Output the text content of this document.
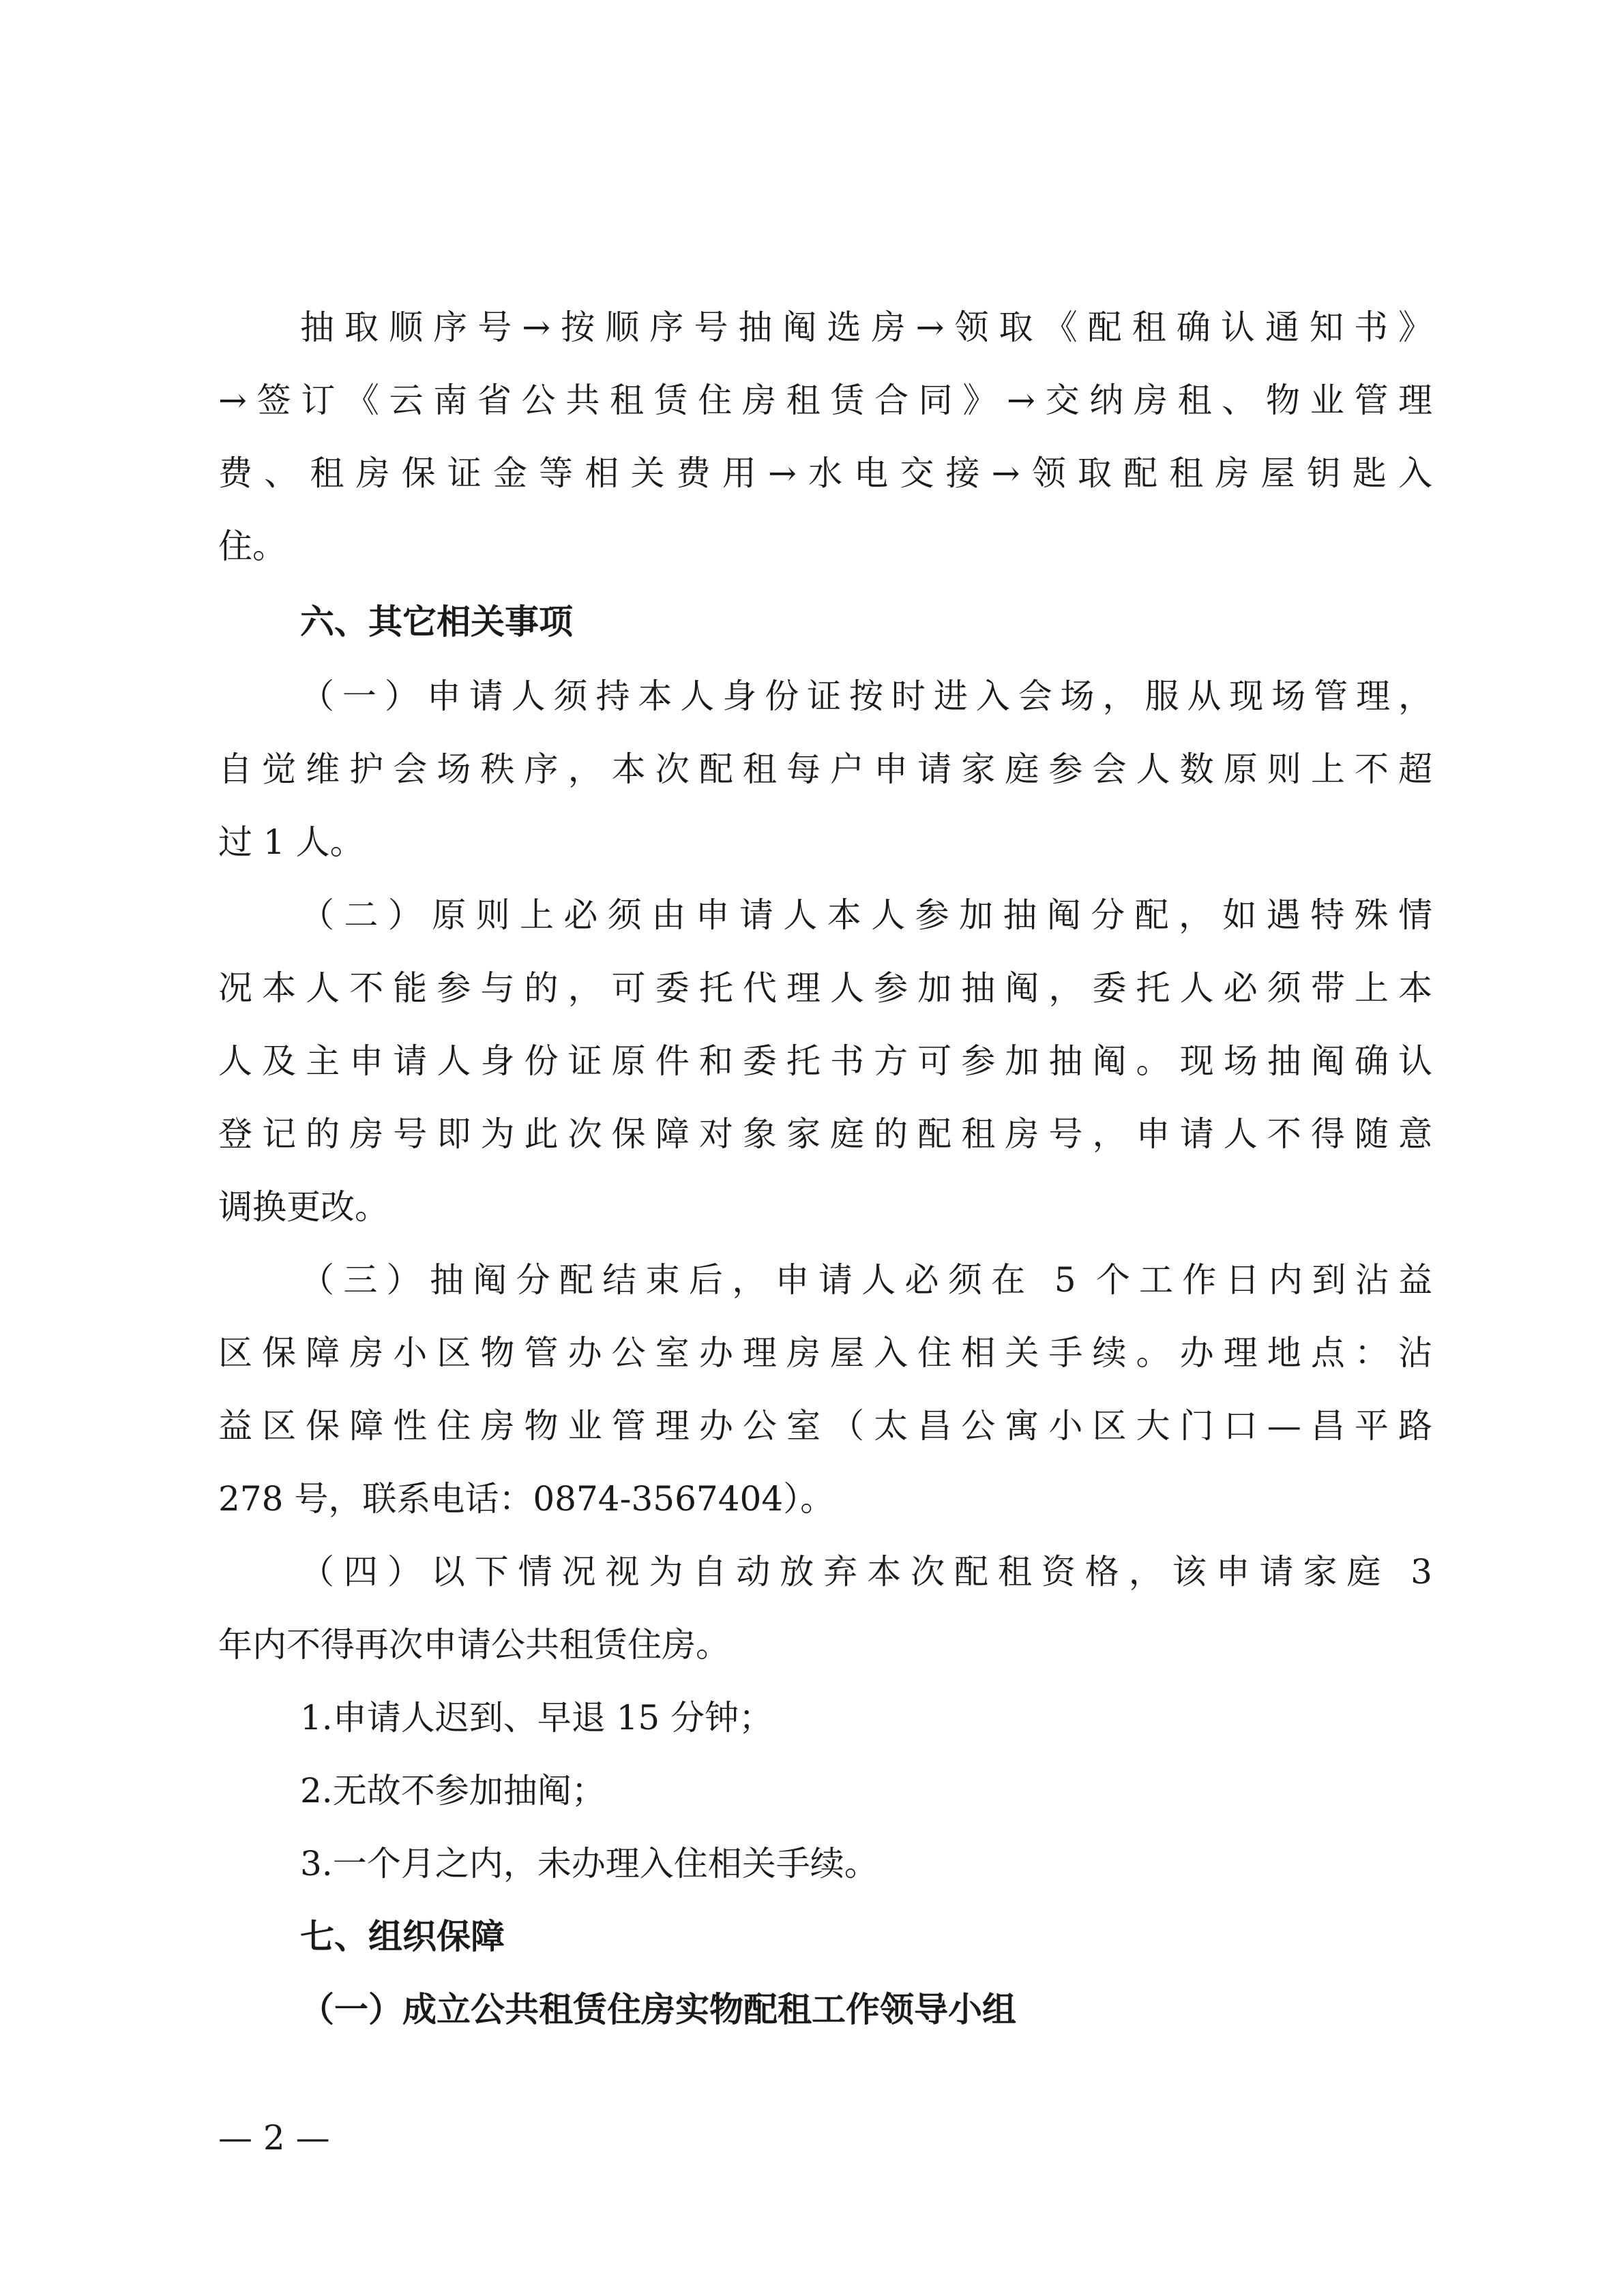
抽取顺序号→按顺序号抽阄选房→领取《配租确认通知书》
→签订《云南省公共租赁住房租赁合同》→交纳房租、物业管理
费、租房保证金等相关费用→水电交接→领取配租房屋钥匙入
住。
六、其它相关事项
（一）申请人须持本人身份证按时进入会场，服从现场管理，
自觉维护会场秩序，本次配租每户申请家庭参会人数原则上不超
过 1 人。
（二）原则上必须由申请人本人参加抽阄分配，如遇特殊情
况本人不能参与的，可委托代理人参加抽阄，委托人必须带上本
人及主申请人身份证原件和委托书方可参加抽阄。现场抽阄确认
登记的房号即为此次保障对象家庭的配租房号，申请人不得随意
调换更改。
（三）抽阄分配结束后，申请人必须在 5 个工作日内到沾益
区保障房小区物管办公室办理房屋入住相关手续。办理地点：沾
益区保障性住房物业管理办公室（太昌公寓小区大门口—昌平路
278 号，联系电话：0874-3567404）。
（四）以下情况视为自动放弃本次配租资格，该申请家庭 3
年内不得再次申请公共租赁住房。
1.申请人迟到、早退 15 分钟；
2.无故不参加抽阄；
3.一个月之内，未办理入住相关手续。
七、组织保障
（一）成立公共租赁住房实物配租工作领导小组
— 2 —
